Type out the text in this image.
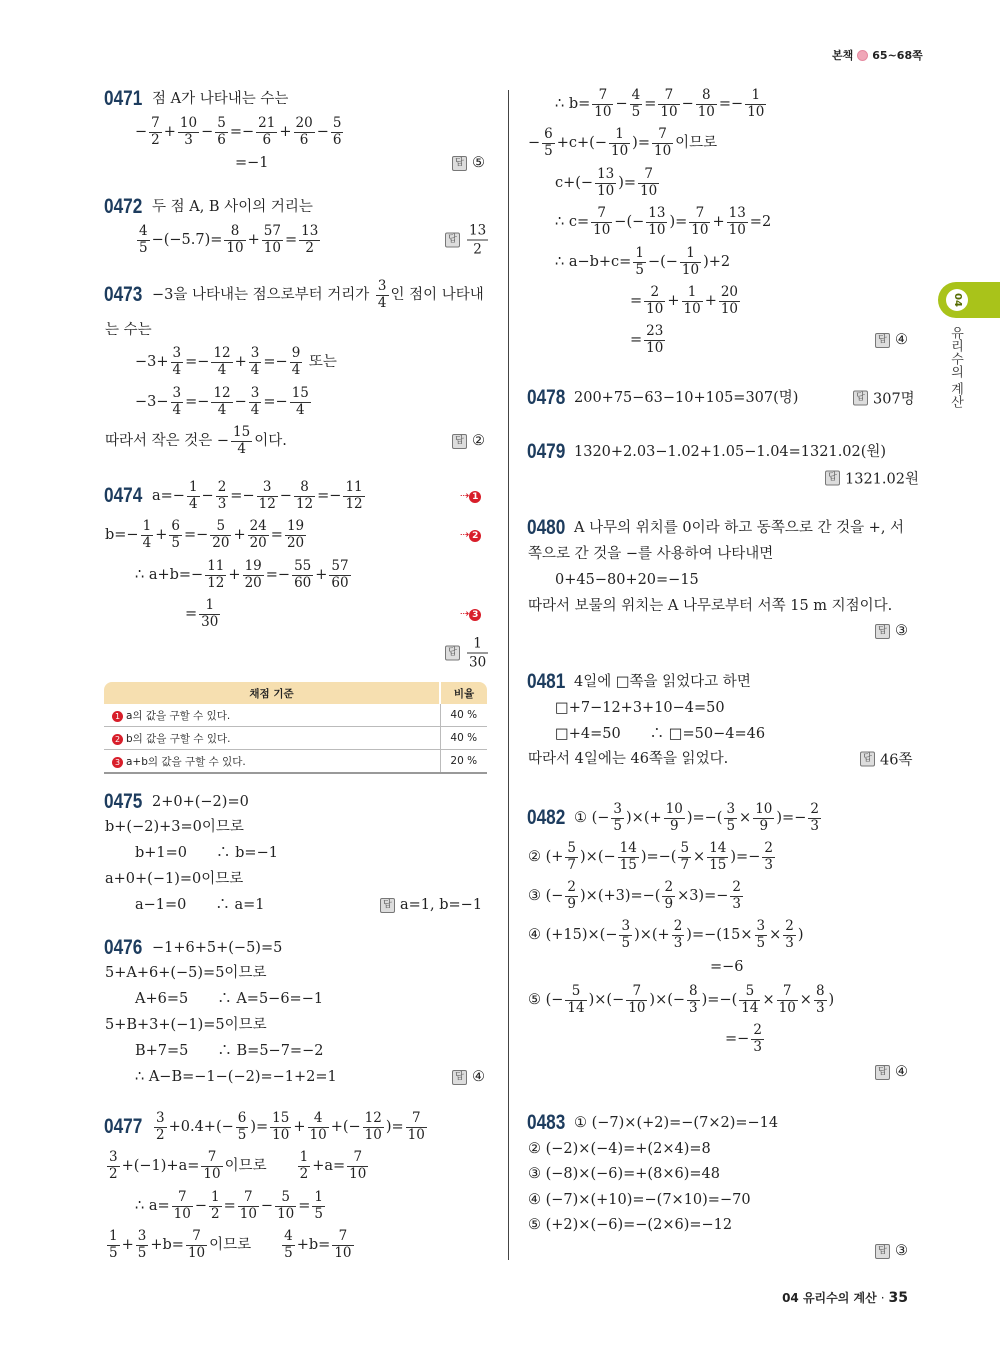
본책 65~68쪽
04
유리수의 계산
0471 점 A가 나타내는 수는
− $\frac{7}{2} + \frac{10}{3} - \frac{5}{6} =- \frac{21}{6} + \frac{20}{6} - \frac{5}{6}$
=−1	답 ⑤
0472 두 점 A, B 사이의 거리는
$\frac{4}{5} -(-5.7)= \frac{8}{10} + \frac{57}{10} = \frac{13}{2}$	답 $\frac{13}{2}$
0473 −3을 나타내는 점으로부터 거리가 $\frac{3}{4}$ 인 점이 나타내
는 수는
$-3+ \frac{3}{4} =- \frac{12}{4} + \frac{3}{4} =- \frac{9}{4}$ 또는
$-3- \frac{3}{4} =- \frac{12}{4} - \frac{3}{4} =- \frac{15}{4}$
따라서 작은 것은 − $\frac{15}{4}$ 이다.	답 ②
0474 $a=- \frac{1}{4} - \frac{2}{3} =- \frac{3}{12} - \frac{8}{12} =- \frac{11}{12}$
$b=- \frac{1}{4} + \frac{6}{5} =- \frac{5}{20} + \frac{24}{20} = \frac{19}{20}$
∴ $a+b=- \frac{11}{12} + \frac{19}{20} =- \frac{55}{60} + \frac{57}{60}$
= $\frac{1}{30}$
⇢ 1
⇢ 2
⇢ 3
답 $\frac{1}{30}$
채점 기준	비율
1 a의 값을 구할 수 있다.	40 %
2 b의 값을 구할 수 있다.	40 %
3 a+b의 값을 구할 수 있다.	20 %
0475 2+0+(−2)=0
b+(−2)+3=0이므로
b+1=0　　∴ b=−1
a+0+(−1)=0이므로
a−1=0　　∴ a=1	답 a=1, b=−1
0476 −1+6+5+(−5)=5
5+A+6+(−5)=5이므로
A+6=5　　∴ A=5−6=−1
5+B+3+(−1)=5이므로
B+7=5　　∴ B=5−7=−2
∴ A−B=−1−(−2)=−1+2=1	답 ④
$0477 \frac{3}{2} +0.4+(- \frac{6}{5}$ )= $\frac{15}{10} + \frac{4}{10}$ +(− $\frac{12}{10}$ )= $\frac{7}{10}$
$\frac{3}{2} +(-1)+a= \frac{7}{10}$ 이므로　　 $\frac{1}{2} +a= \frac{7}{10}$
∴ $a= \frac{7}{10} - \frac{1}{2} = \frac{7}{10} - \frac{5}{10} = \frac{1}{5}$
$\frac{1}{5} + \frac{3}{5} +b= \frac{7}{10}$ 이므로　　 $\frac{4}{5} +b= \frac{7}{10}$
∴ $b= \frac{7}{10} - \frac{4}{5} = \frac{7}{10} - \frac{8}{10} =- \frac{1}{10}$
− $\frac{6}{5} +c+(- \frac{1}{10}$ )= $\frac{7}{10}$ 이므로
$c+(- \frac{13}{10}$ )= $\frac{7}{10}$
∴ $c= \frac{7}{10}$ −(− $\frac{13}{10}$ )= $\frac{7}{10} + \frac{13}{10} =2$
∴ $a-b+c= \frac{1}{5}$ −(− $\frac{1}{10} )+2$
= $\frac{2}{10} + \frac{1}{10} + \frac{20}{10}$
= $\frac{23}{10}$	답 ④
0478 200+75−63−10+105=307(명)	답 307명
0479 1320+2.03−1.02+1.05−1.04=1321.02(원)
답 1321.02원
0480 A 나무의 위치를 0이라 하고 동쪽으로 간 것을 +, 서
쪽으로 간 것을 −를 사용하여 나타내면
0+45−80+20=−15
따라서 보물의 위치는 A 나무로부터 서쪽 15 m 지점이다.
답 ③
0481 4일에 □쪽을 읽었다고 하면
□+7−12+3+10−4=50
□+4=50　　∴ □=50−4=46
따라서 4일에는 46쪽을 읽었다.	답 46쪽
0482 ① (− $\frac{3}{5}$ )×(+ $\frac{10}{9}$ )=−( $\frac{3}{5} \times \frac{10}{9}$ )=− $\frac{2}{3}$
② (+ $\frac{5}{7}$ )×(− $\frac{14}{15}$ )=−( $\frac{5}{7} \times \frac{14}{15}$ )=− $\frac{2}{3}$
③ (− $\frac{2}{9} )\times(+3)=-( \frac{2}{9} \times 3)=- \frac{2}{3}$
④ $(+15)\times(- \frac{3}{5}$ )×(+ $\frac{2}{3} )=-(15\times \frac{3}{5} \times \frac{2}{3}$ )
=−6
⑤ (− $\frac{5}{14}$ )×(− $\frac{7}{10}$ )×(− $\frac{8}{3}$ )=−( $\frac{5}{14} \times \frac{7}{10} \times \frac{8}{3}$ )
=− $\frac{2}{3}$
답 ④
0483 ① (−7)×(+2)=−(7×2)=−14
② (−2)×(−4)=+(2×4)=8
③ (−8)×(−6)=+(8×6)=48
④ (−7)×(+10)=−(7×10)=−70
⑤ (+2)×(−6)=−(2×6)=−12
답 ③
04 유리수의 계산 · 35
